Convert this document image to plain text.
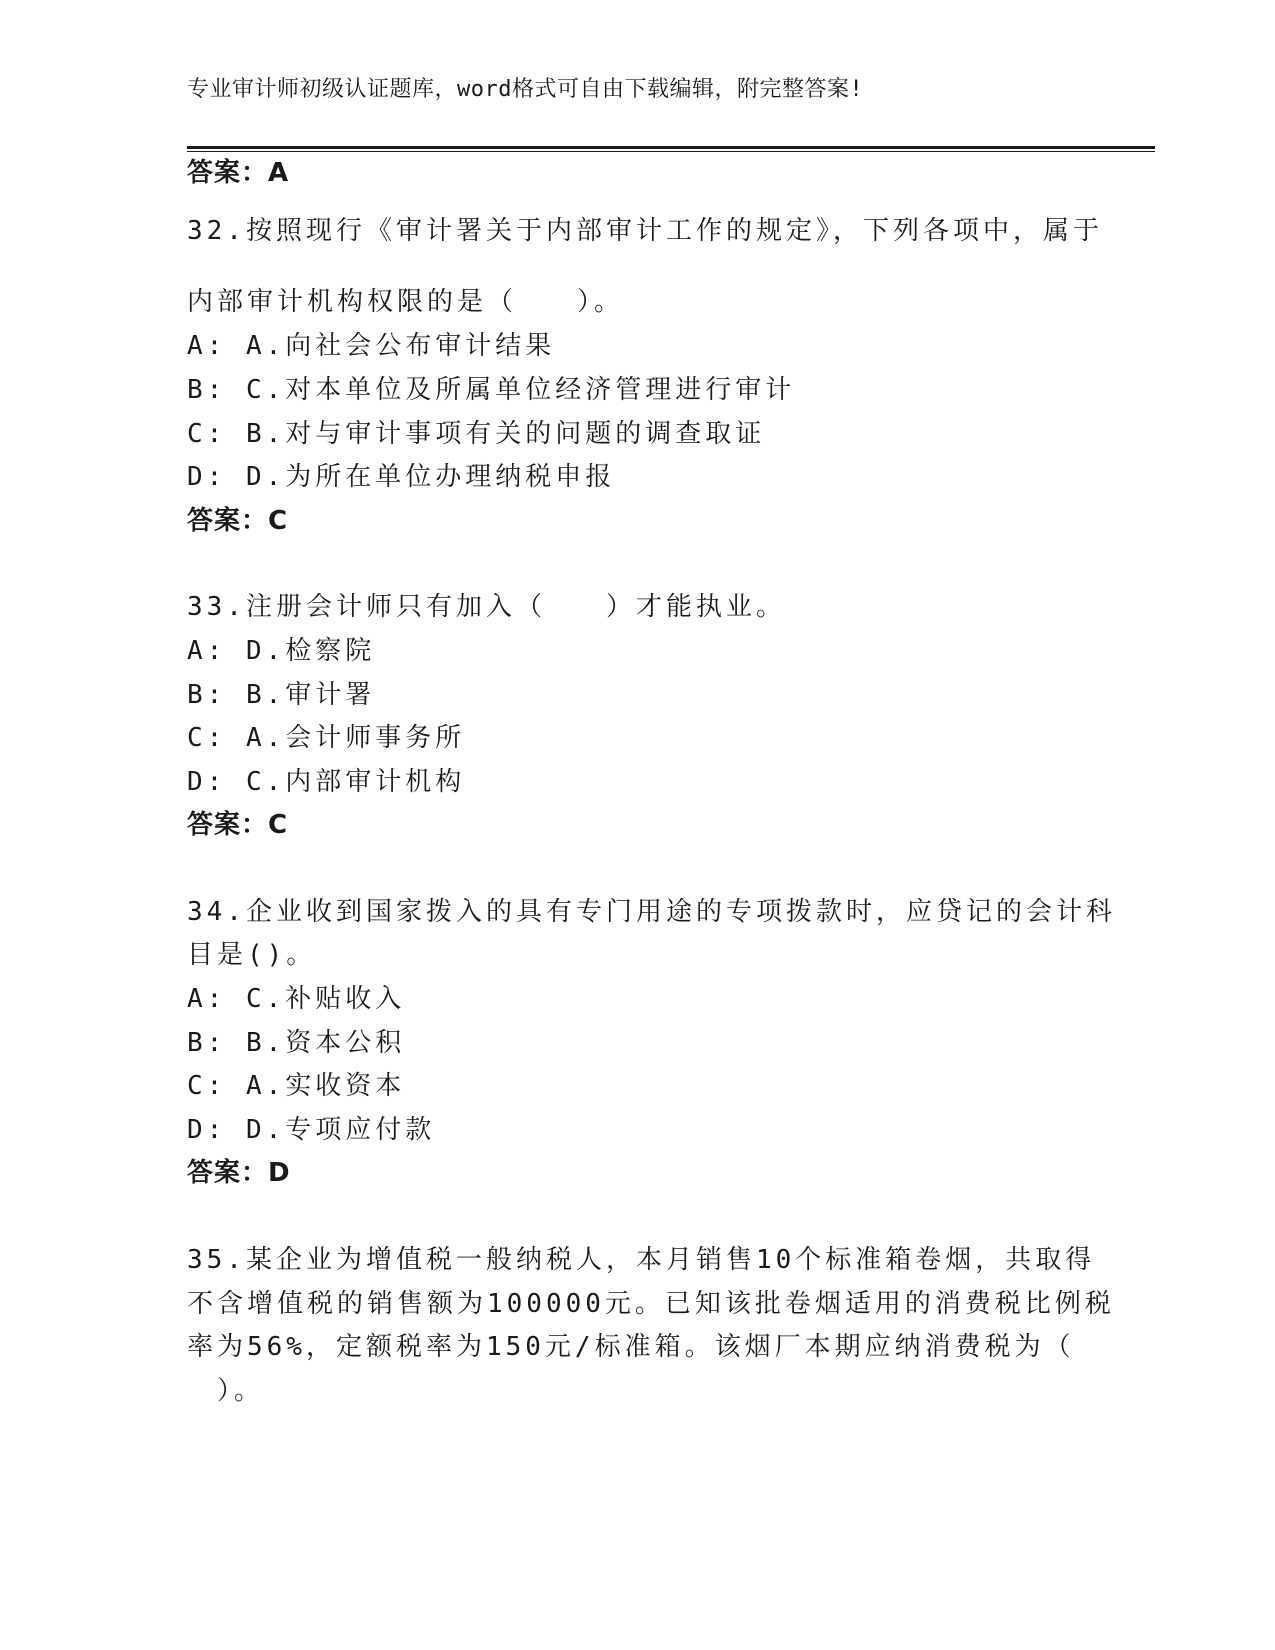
专业审计师初级认证题库，word格式可自由下载编辑，附完整答案!
答案：A
32.按照现行《审计署关于内部审计工作的规定》，下列各项中，属于
内部审计机构权限的是（　　）。
A: A.向社会公布审计结果
B: C.对本单位及所属单位经济管理进行审计
C: B.对与审计事项有关的问题的调查取证
D: D.为所在单位办理纳税申报
答案：C
33.注册会计师只有加入（　　）才能执业。
A: D.检察院
B: B.审计署
C: A.会计师事务所
D: C.内部审计机构
答案：C
34.企业收到国家拨入的具有专门用途的专项拨款时，应贷记的会计科
目是()。
A: C.补贴收入
B: B.资本公积
C: A.实收资本
D: D.专项应付款
答案：D
35.某企业为增值税一般纳税人，本月销售10个标准箱卷烟，共取得
不含增值税的销售额为100000元。已知该批卷烟适用的消费税比例税
率为56%，定额税率为150元/标准箱。该烟厂本期应纳消费税为（
　）。
